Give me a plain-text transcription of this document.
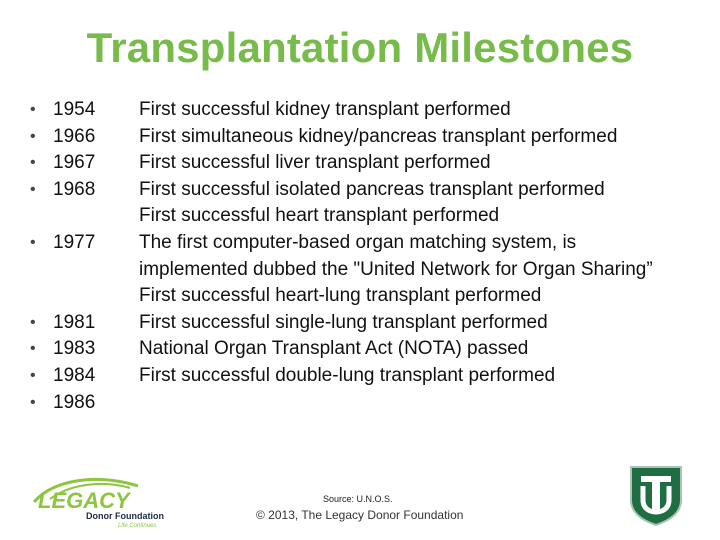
Transplantation Milestones
• 1954
• 1966
• 1967
• 1968
• 1977
• 1981
• 1983
• 1984
• 1986
First successful kidney transplant performed
First simultaneous kidney/pancreas transplant performed
First successful liver transplant performed
First successful isolated pancreas transplant performed
First successful heart transplant performed
The first computer-based organ matching system, is implemented dubbed the "United Network for Organ Sharing”
First successful heart-lung transplant performed
First successful single-lung transplant performed
National Organ Transplant Act (NOTA) passed
First successful double-lung transplant performed
LEGACY
Donor Foundation
Life Continues
Source: U.N.O.S.
© 2013, The Legacy Donor Foundation
